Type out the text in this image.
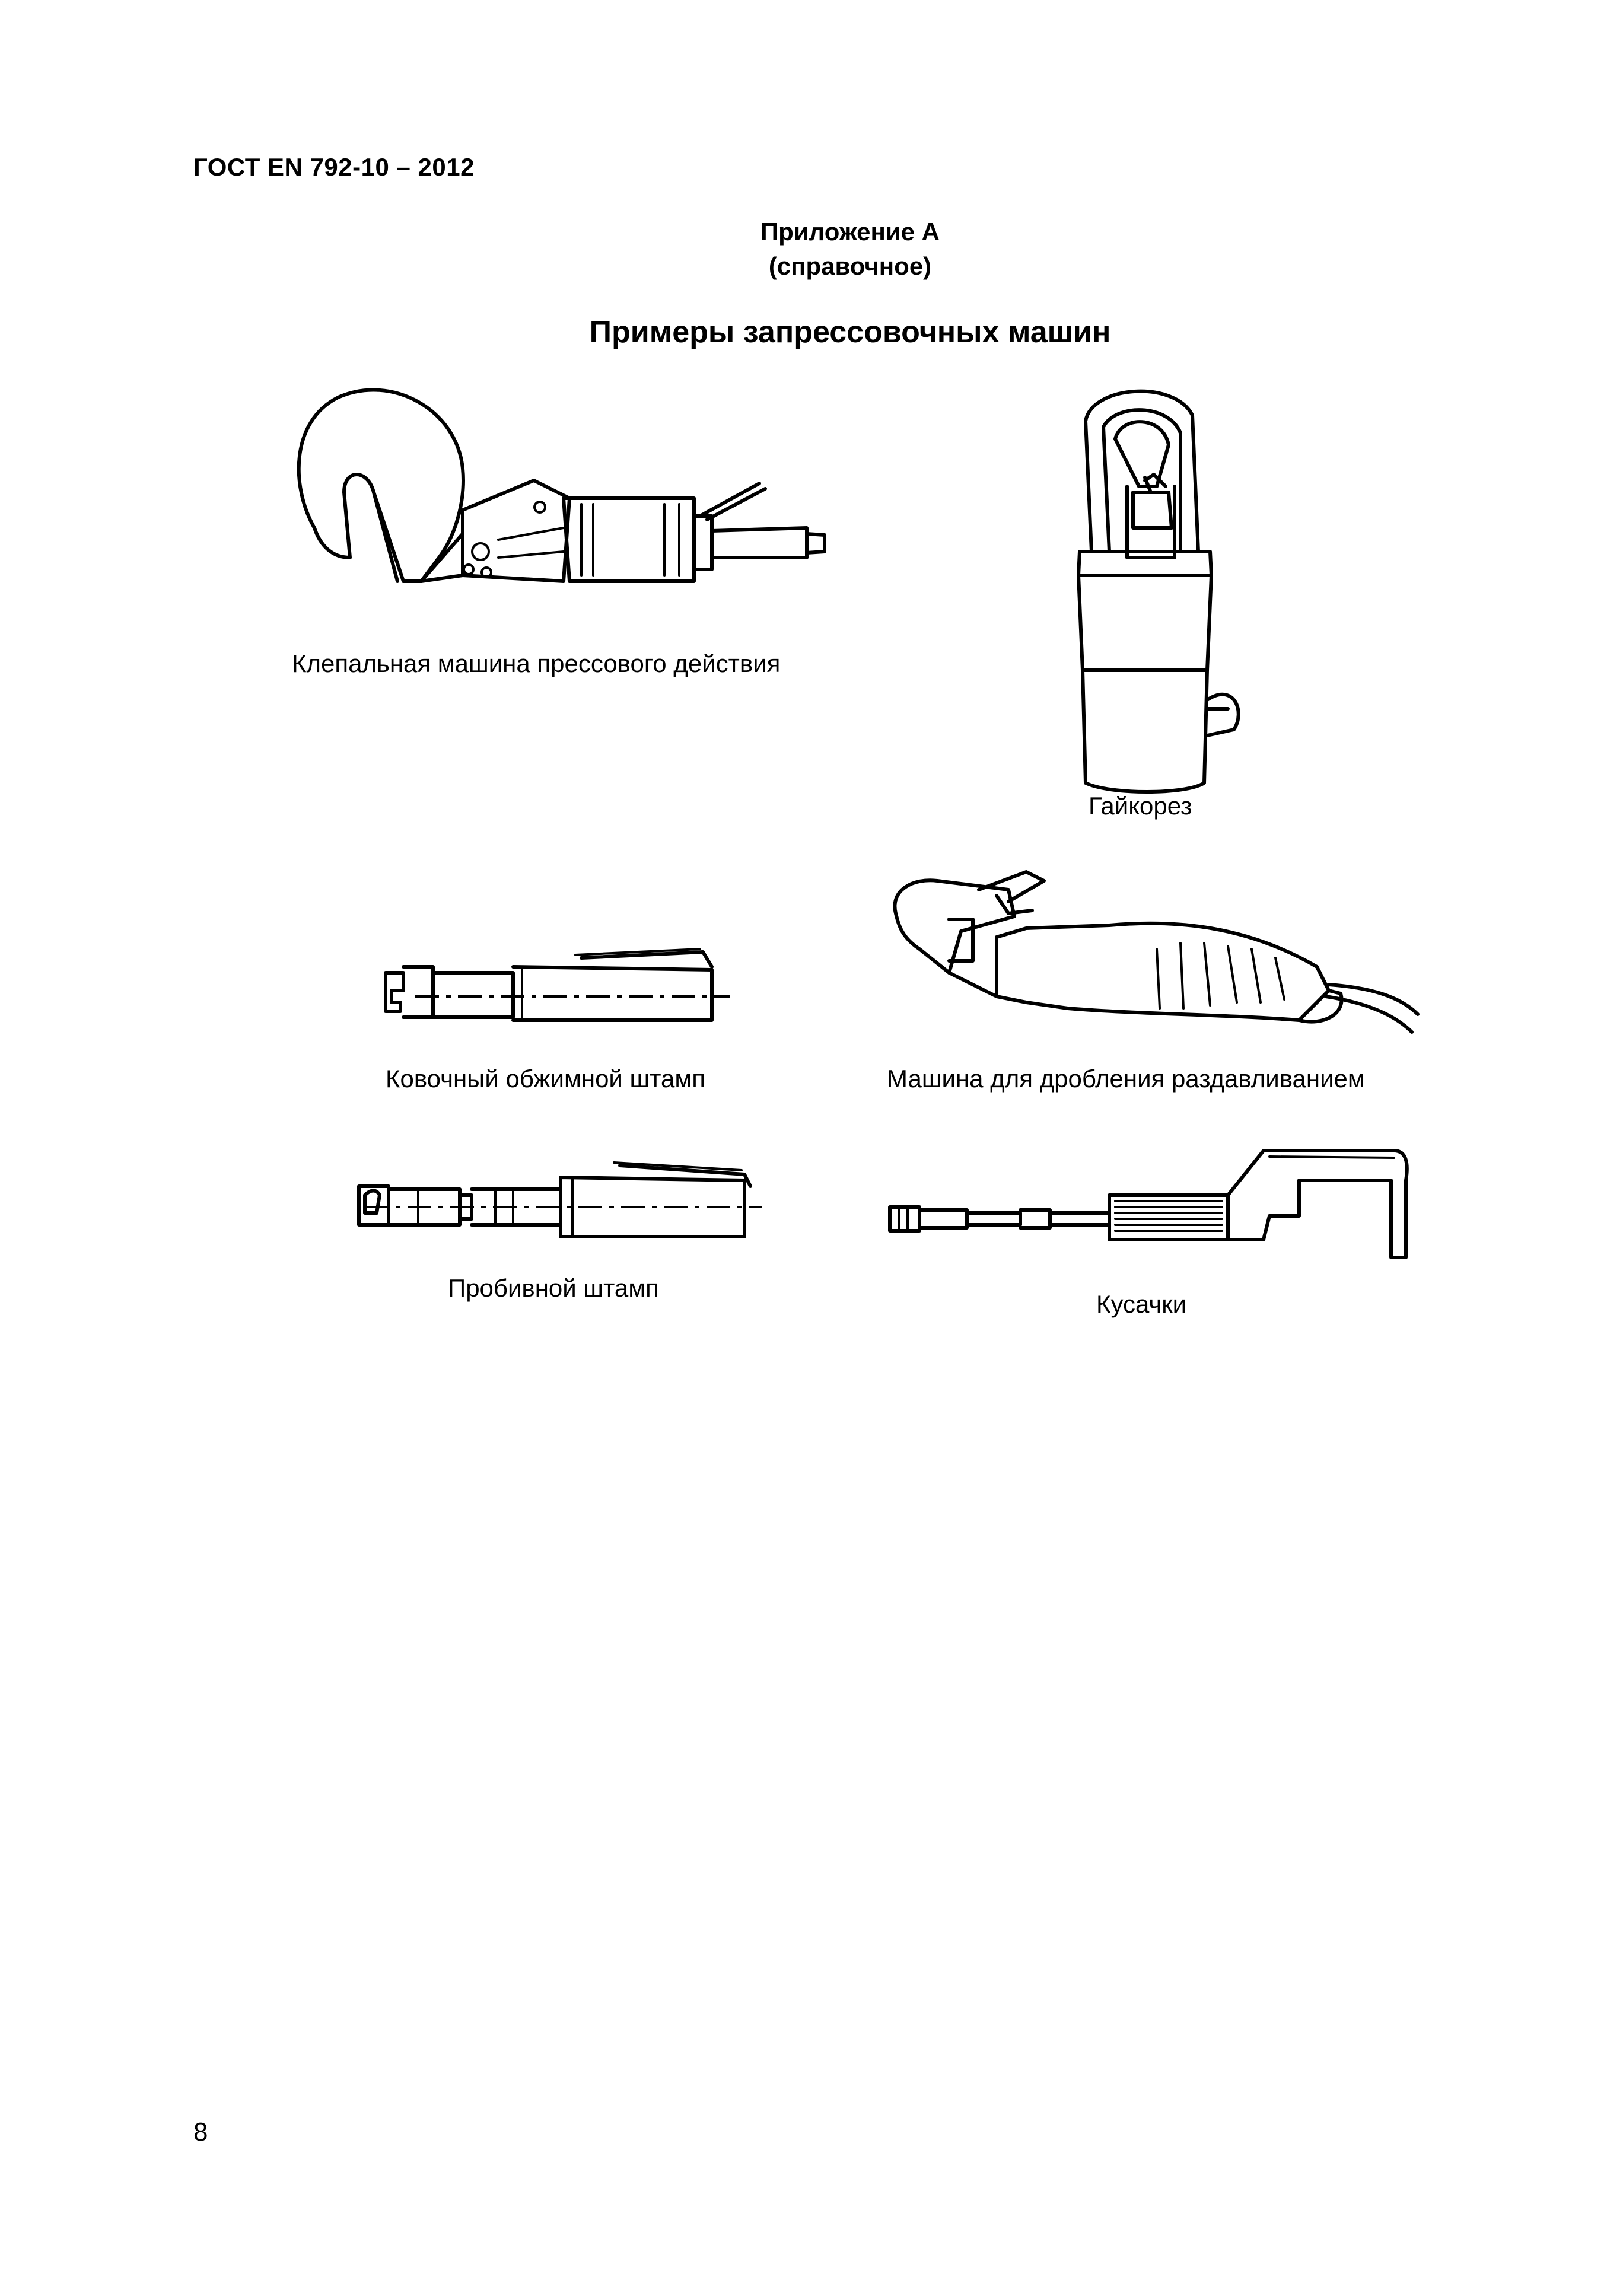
ГОСТ EN 792-10 – 2012
Приложение А
(справочное)
Примеры запрессовочных машин
Клепальная машина прессового действия
Гайкорез
Ковочный обжимной штамп	Машина для дробления раздавливанием
Пробивной штамп
Кусачки
8
